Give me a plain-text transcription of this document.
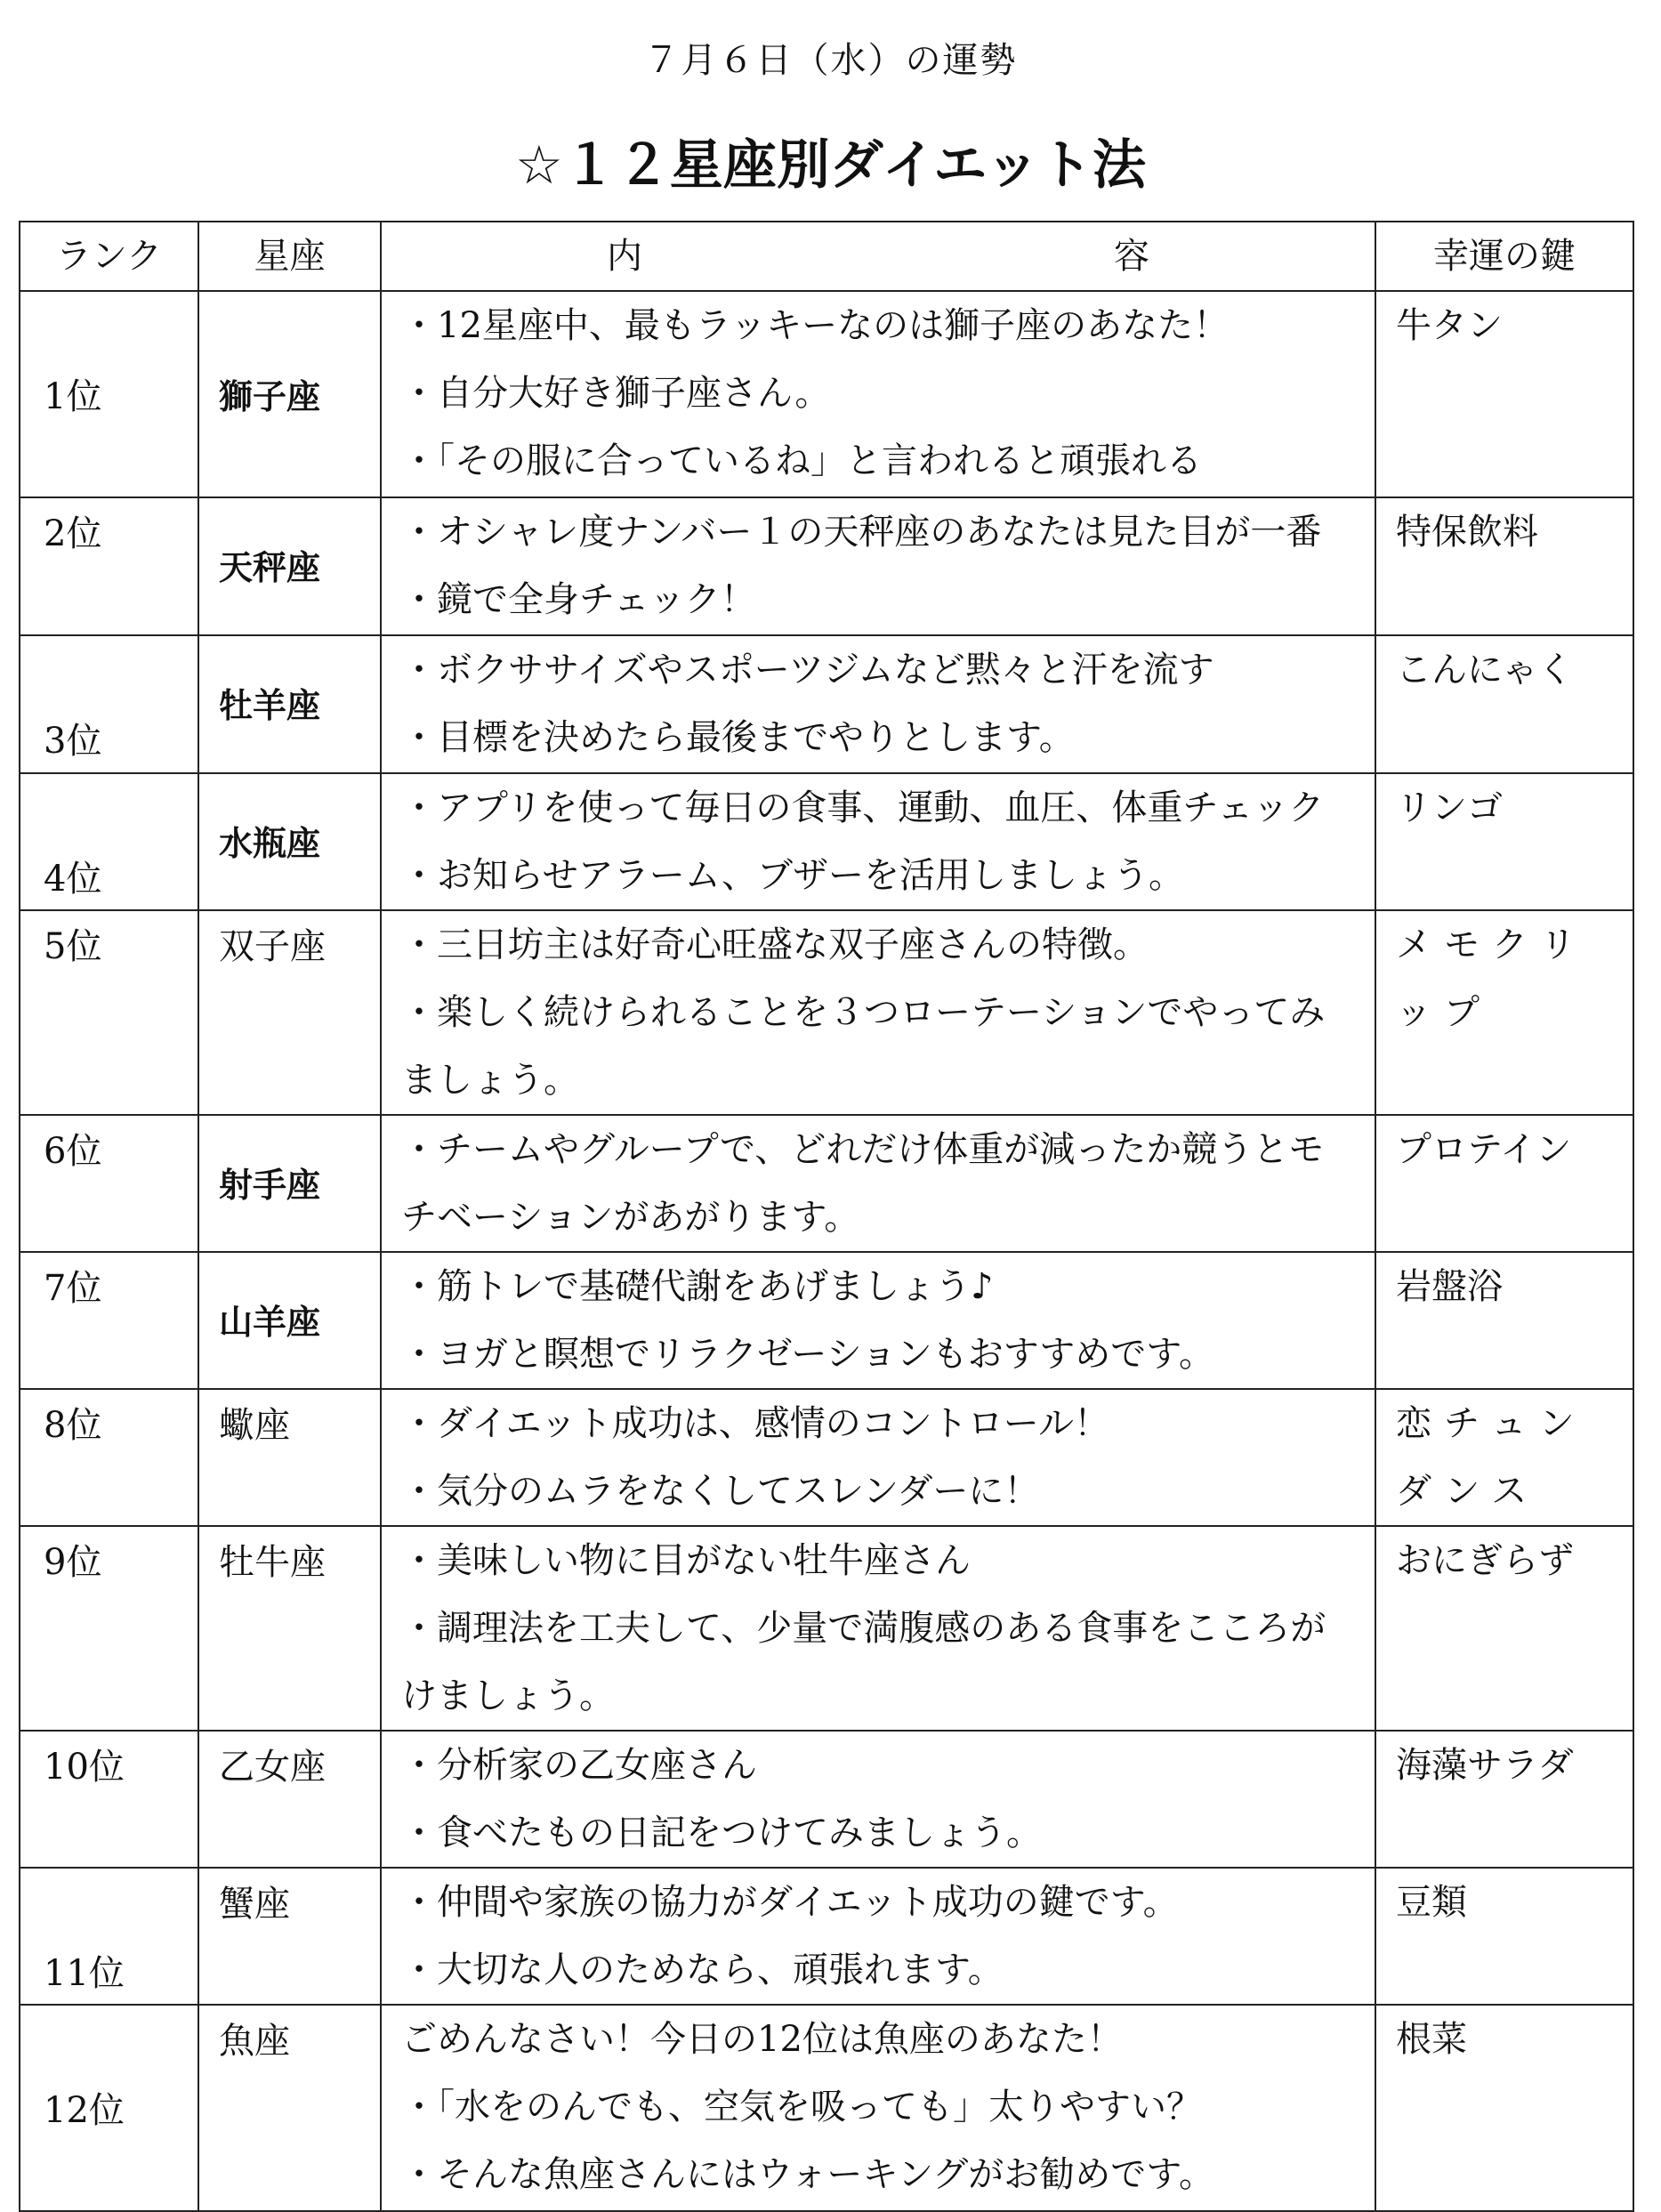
７月６日（水）の運勢
☆１２星座別ダイエット法
ランク	星座	内　　容	幸運の鍵

1位	獅子座	・12星座中、最もラッキーなのは獅子座のあなた！
・自分大好き獅子座さん。
・「その服に合っているね」と言われると頑張れる	牛タン

2位	天秤座	・オシャレ度ナンバー１の天秤座のあなたは見た目が一番
・鏡で全身チェック！	特保飲料

3位	牡羊座	・ボクササイズやスポーツジムなど黙々と汗を流す
・目標を決めたら最後までやりとします。	こんにゃく

4位	水瓶座	・アプリを使って毎日の食事、運動、血圧、体重チェック
・お知らせアラーム、ブザーを活用しましょう。	リンゴ

5位	双子座	・三日坊主は好奇心旺盛な双子座さんの特徴。
・楽しく続けられることを３つローテーションでやってみ
ましょう。	メモクリップ

6位	射手座	・チームやグループで、どれだけ体重が減ったか競うとモ
チベーションがあがります。	プロテイン

7位	山羊座	・筋トレで基礎代謝をあげましょう♪
・ヨガと瞑想でリラクゼーションもおすすめです。	岩盤浴

8位	蠍座	・ダイエット成功は、感情のコントロール！
・気分のムラをなくしてスレンダーに！	恋チュンダンス

9位	牡牛座	・美味しい物に目がない牡牛座さん
・調理法を工夫して、少量で満腹感のある食事をこころが
けましょう。	おにぎらず

10位	乙女座	・分析家の乙女座さん
・食べたもの日記をつけてみましょう。	海藻サラダ

11位	蟹座	・仲間や家族の協力がダイエット成功の鍵です。
・大切な人のためなら、頑張れます。	豆類

12位	魚座	ごめんなさい！今日の12位は魚座のあなた！
・「水をのんでも、空気を吸っても」太りやすい？
・そんな魚座さんにはウォーキングがお勧めです。	根菜
